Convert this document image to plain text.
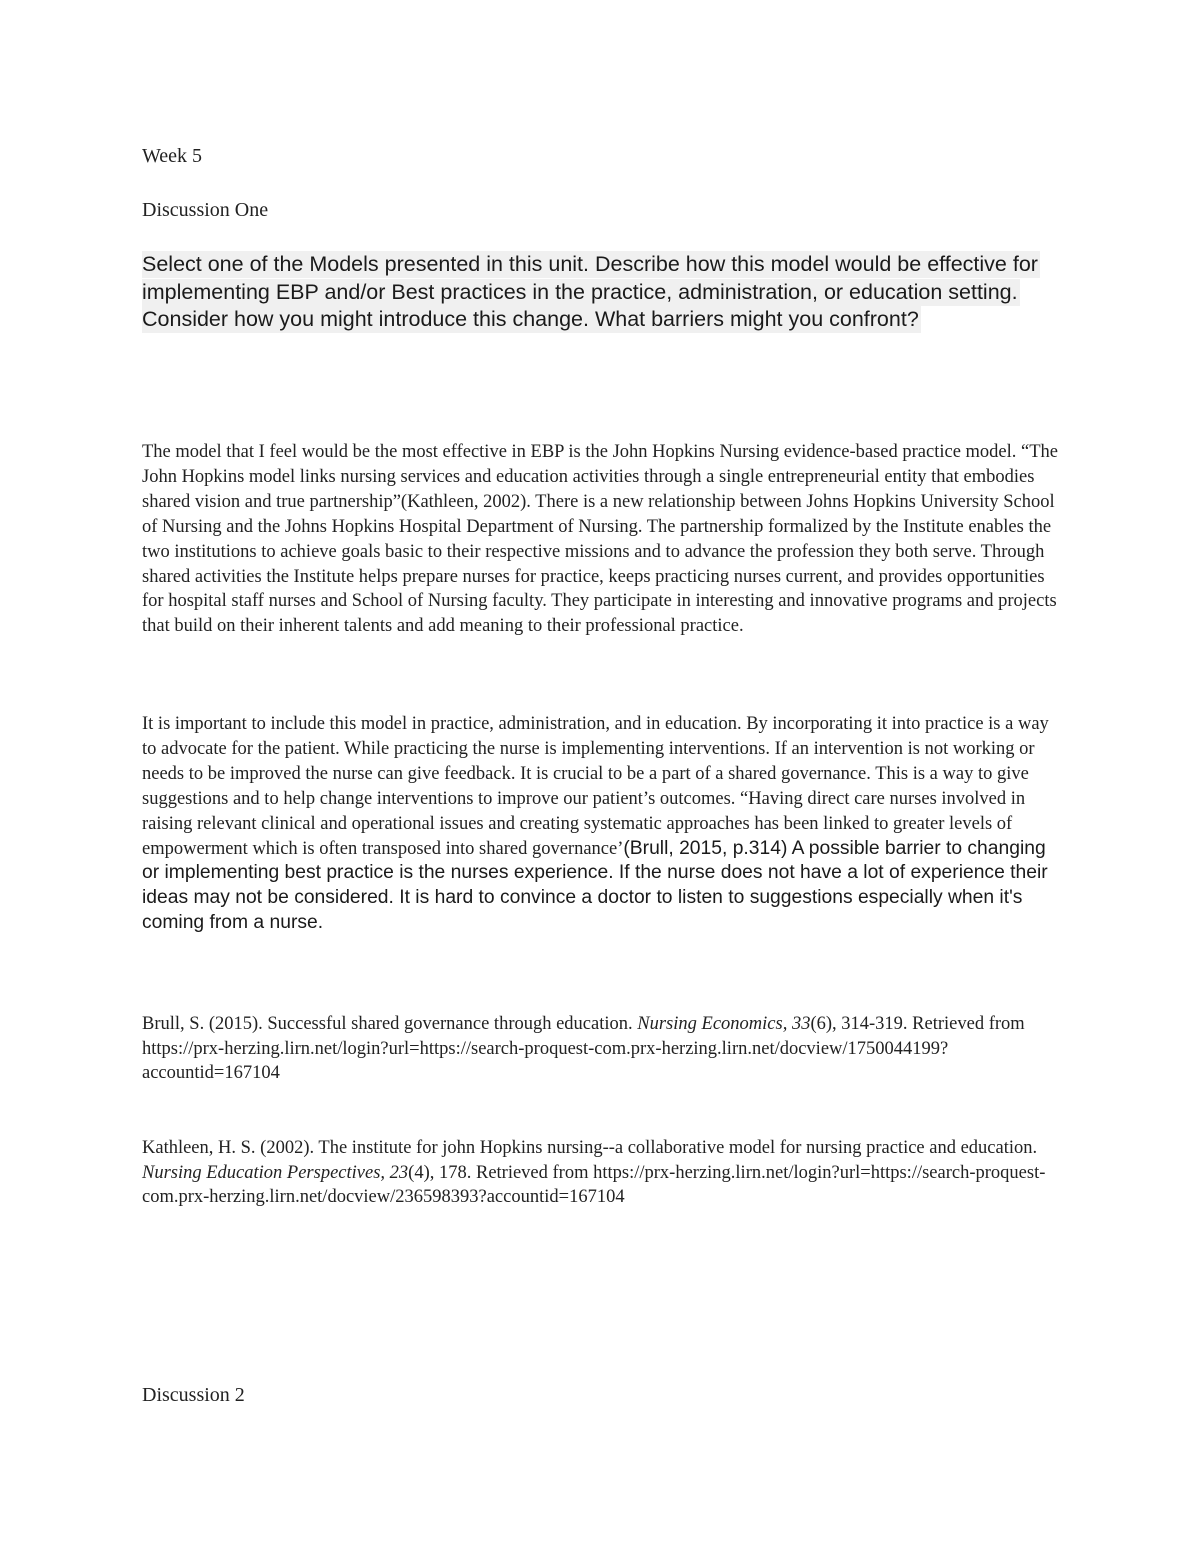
Week 5
Discussion One
Select one of the Models presented in this unit. Describe how this model would be effective for implementing EBP and/or Best practices in the practice, administration, or education setting. Consider how you might introduce this change. What barriers might you confront?
The model that I feel would be the most effective in EBP is the John Hopkins Nursing evidence-based practice model. “The John Hopkins model links nursing services and education activities through a single entrepreneurial entity that embodies shared vision and true partnership”(Kathleen, 2002). There is a new relationship between Johns Hopkins University School of Nursing and the Johns Hopkins Hospital Department of Nursing. The partnership formalized by the Institute enables the two institutions to achieve goals basic to their respective missions and to advance the profession they both serve. Through shared activities the Institute helps prepare nurses for practice, keeps practicing nurses current, and provides opportunities for hospital staff nurses and School of Nursing faculty. They participate in interesting and innovative programs and projects that build on their inherent talents and add meaning to their professional practice.
It is important to include this model in practice, administration, and in education. By incorporating it into practice is a way to advocate for the patient. While practicing the nurse is implementing interventions. If an intervention is not working or needs to be improved the nurse can give feedback. It is crucial to be a part of a shared governance. This is a way to give suggestions and to help change interventions to improve our patient’s outcomes. “Having direct care nurses involved in raising relevant clinical and operational issues and creating systematic approaches has been linked to greater levels of empowerment which is often transposed into shared governance’(Brull, 2015, p.314) A possible barrier to changing or implementing best practice is the nurses experience. If the nurse does not have a lot of experience their ideas may not be considered. It is hard to convince a doctor to listen to suggestions especially when it's coming from a nurse.
Brull, S. (2015). Successful shared governance through education. Nursing Economics, 33(6), 314-319. Retrieved from https://prx-herzing.lirn.net/login?url=https://search-proquest-com.prx-herzing.lirn.net/docview/1750044199?accountid=167104
Kathleen, H. S. (2002). The institute for john Hopkins nursing--a collaborative model for nursing practice and education. Nursing Education Perspectives, 23(4), 178. Retrieved from https://prx-herzing.lirn.net/login?url=https://search-proquest-com.prx-herzing.lirn.net/docview/236598393?accountid=167104
Discussion 2
